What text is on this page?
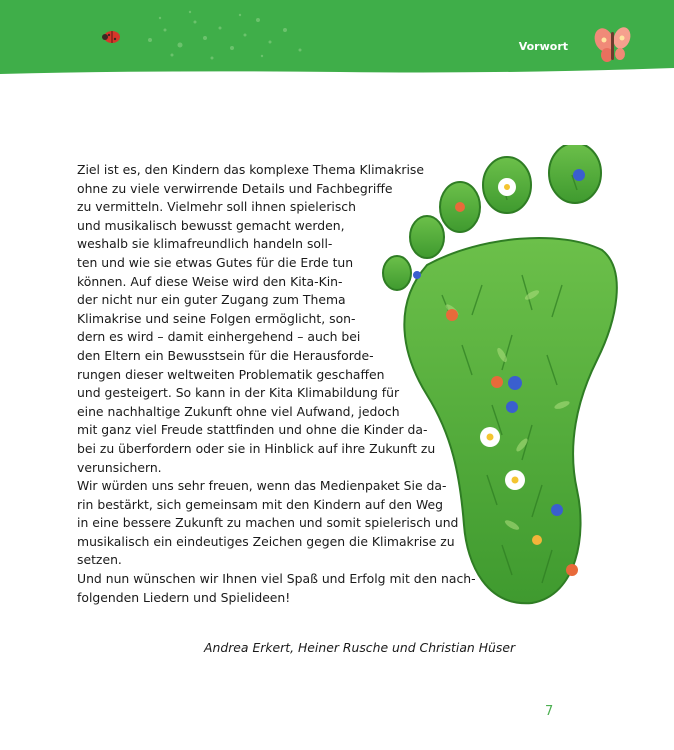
Vorwort
Ziel ist es, den Kindern das komplexe Thema Klimakrise
ohne zu viele verwirrende Details und Fachbegriffe
zu vermitteln. Vielmehr soll ihnen spielerisch
und musikalisch bewusst gemacht werden,
weshalb sie klimafreundlich handeln soll-
ten und wie sie etwas Gutes für die Erde tun
können. Auf diese Weise wird den Kita-Kin-
der nicht nur ein guter Zugang zum Thema
Klimakrise und seine Folgen ermöglicht, son-
dern es wird – damit einhergehend – auch bei
den Eltern ein Bewusstsein für die Herausforde-
rungen dieser weltweiten Problematik geschaffen
und gesteigert. So kann in der Kita Klimabildung für
eine nachhaltige Zukunft ohne viel Aufwand, jedoch
mit ganz viel Freude stattfinden und ohne die Kinder da-
bei zu überfordern oder sie in Hinblick auf ihre Zukunft zu
verunsichern.
Wir würden uns sehr freuen, wenn das Medienpaket Sie da-
rin bestärkt, sich gemeinsam mit den Kindern auf den Weg
in eine bessere Zukunft zu machen und somit spielerisch und
musikalisch ein eindeutiges Zeichen gegen die Klimakrise zu
setzen.
Und nun wünschen wir Ihnen viel Spaß und Erfolg mit den nach-
folgenden Liedern und Spielideen!
Andrea Erkert, Heiner Rusche und Christian Hüser
7
